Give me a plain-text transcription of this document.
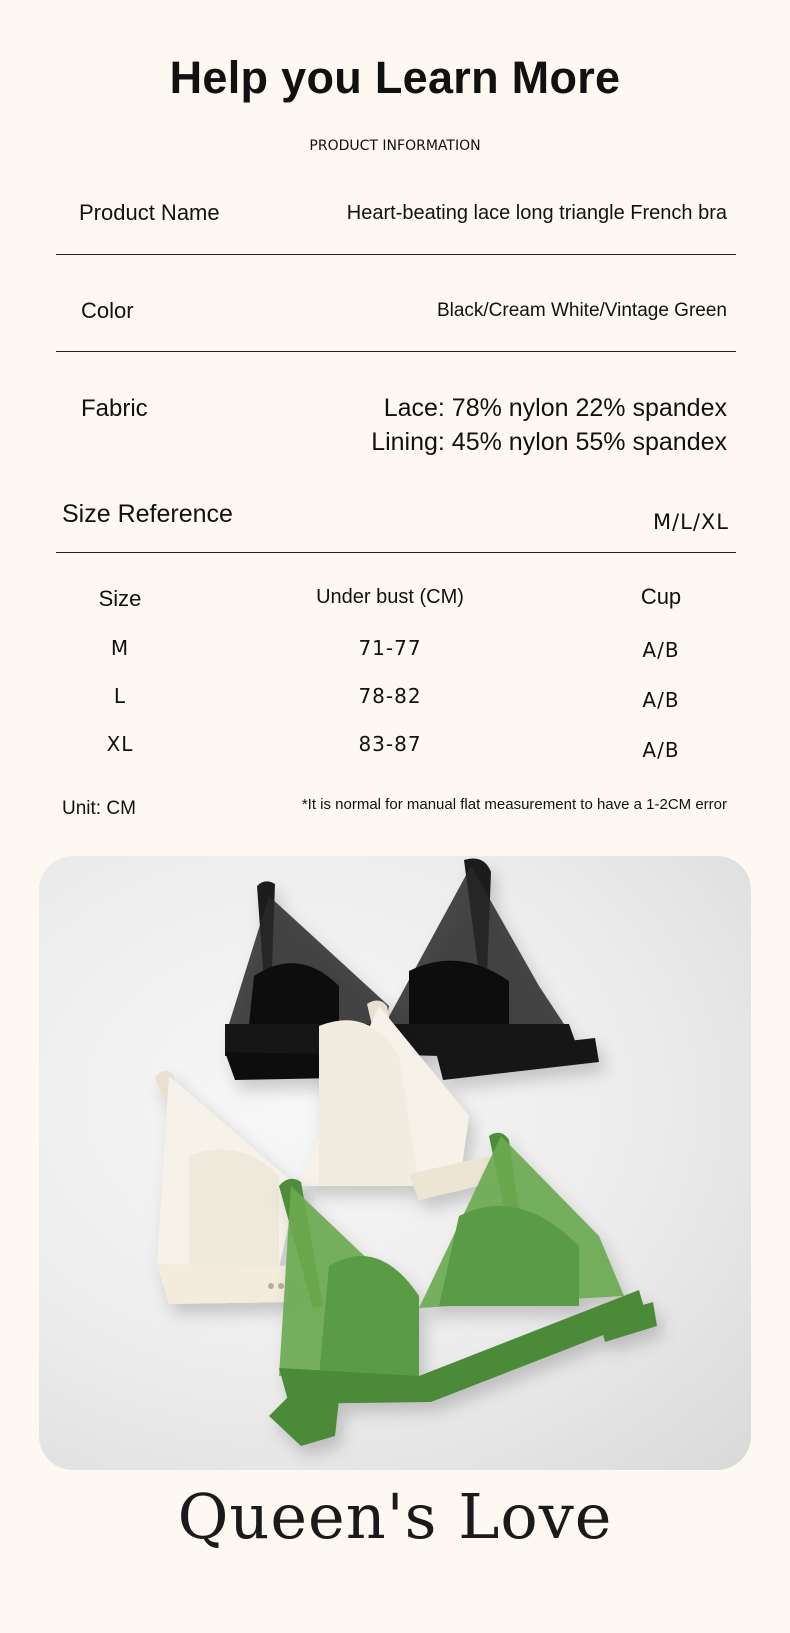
Help you Learn More
PRODUCT INFORMATION
Product Name	Heart-beating lace long triangle French bra
Color	Black/Cream White/Vintage Green
Fabric	Lace: 78% nylon 22% spandex
Lining: 45% nylon 55% spandex
Size Reference	M/L/XL
Size	Under bust (CM)	Cup
M	71-77	A/B
L	78-82	A/B
XL	83-87	A/B
Unit: CM	*It is normal for manual flat measurement to have a 1-2CM error
Queen's Love
